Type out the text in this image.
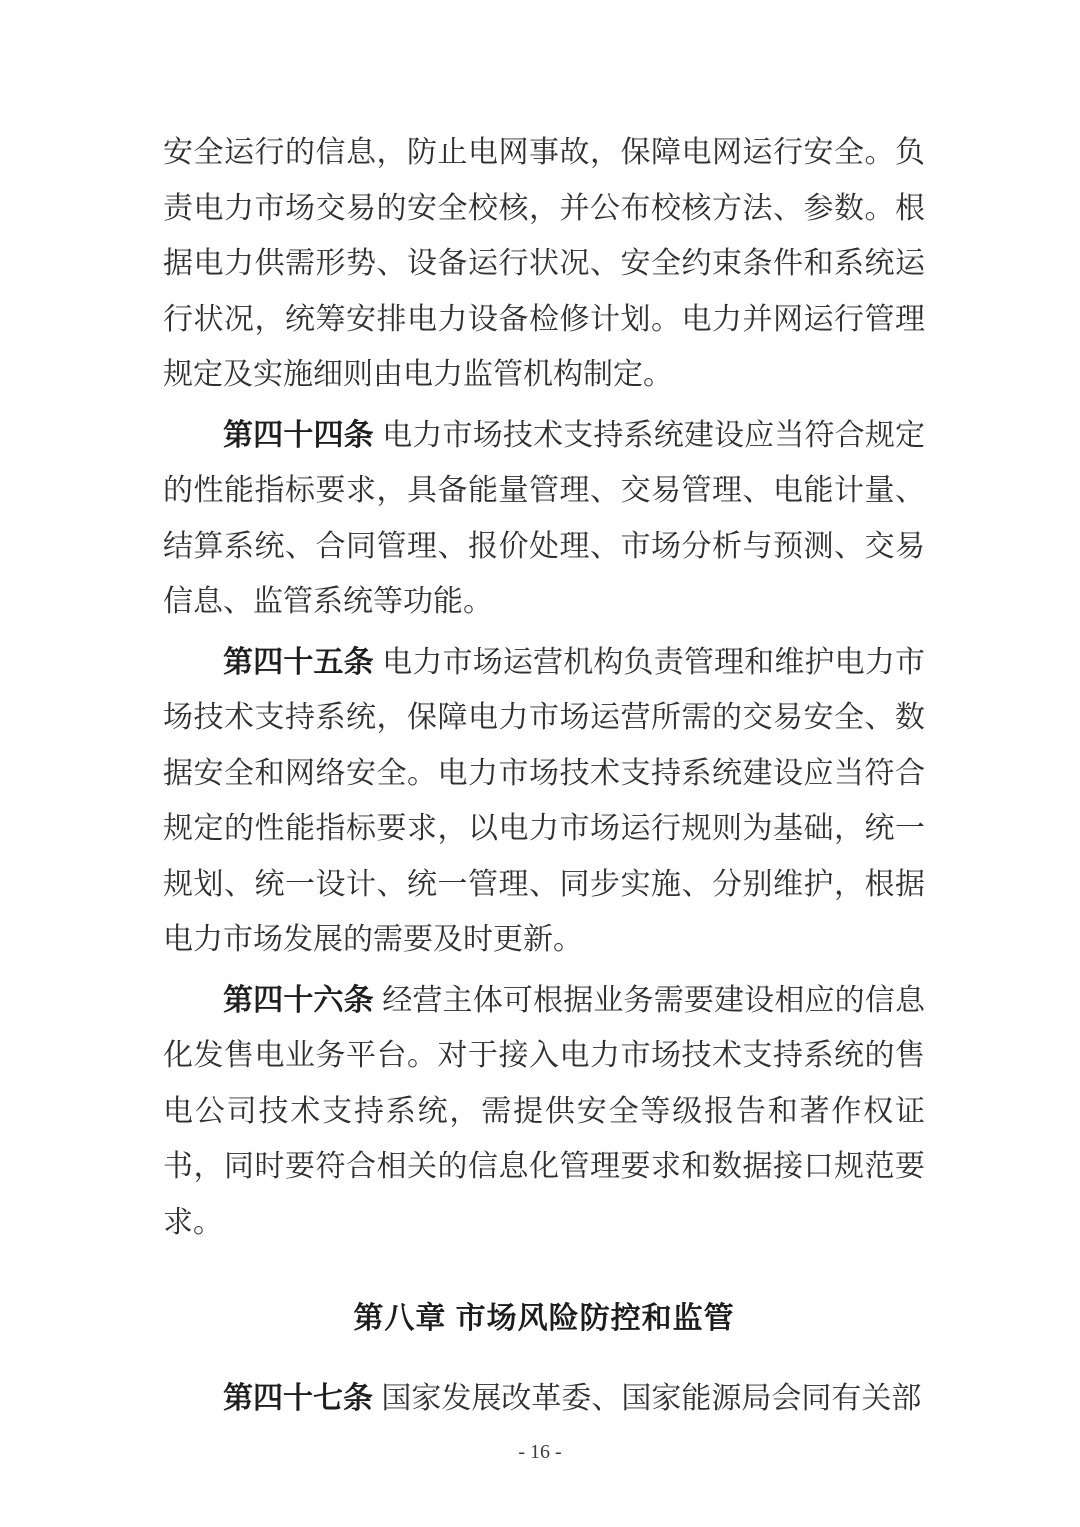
安全运行的信息，防止电网事故，保障电网运行安全。负责电力市场交易的安全校核，并公布校核方法、参数。根据电力供需形势、设备运行状况、安全约束条件和系统运行状况，统筹安排电力设备检修计划。电力并网运行管理规定及实施细则由电力监管机构制定。

第四十四条 电力市场技术支持系统建设应当符合规定的性能指标要求，具备能量管理、交易管理、电能计量、结算系统、合同管理、报价处理、市场分析与预测、交易信息、监管系统等功能。

第四十五条 电力市场运营机构负责管理和维护电力市场技术支持系统，保障电力市场运营所需的交易安全、数据安全和网络安全。电力市场技术支持系统建设应当符合规定的性能指标要求，以电力市场运行规则为基础，统一规划、统一设计、统一管理、同步实施、分别维护，根据电力市场发展的需要及时更新。

第四十六条 经营主体可根据业务需要建设相应的信息化发售电业务平台。对于接入电力市场技术支持系统的售电公司技术支持系统，需提供安全等级报告和著作权证书，同时要符合相关的信息化管理要求和数据接口规范要求。

第八章 市场风险防控和监管

第四十七条 国家发展改革委、国家能源局会同有关部

- 16 -
